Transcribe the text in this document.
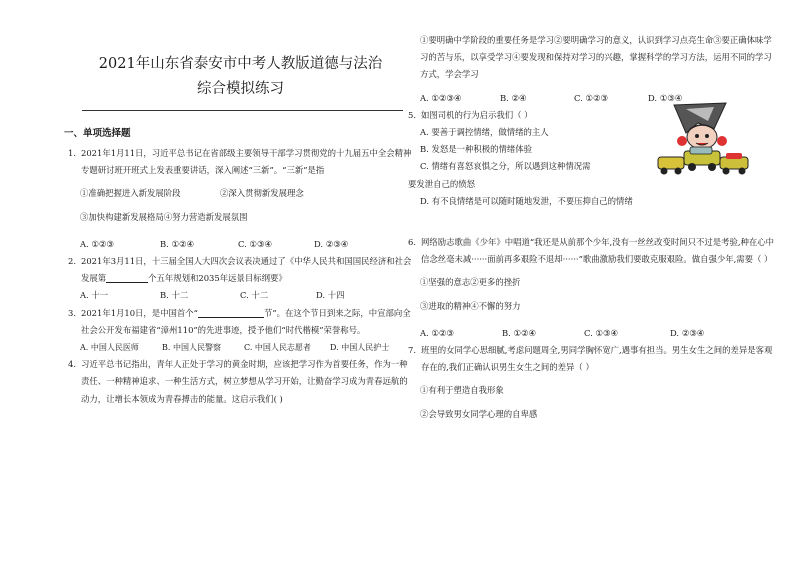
2021年山东省泰安市中考人教版道德与法治

综合模拟练习

一、单项选择题
1. 2021年1月11日，习近平总书记在省部级主要领导干部学习贯彻党的十九届五中全会精神专题研讨班开班式上发表重要讲话，深入阐述“三新”。“三新”是指
①准确把握进入新发展阶段	②深入贯彻新发展理念

③加快构建新发展格局④努力营造新发展氛围

A. ①②③	B. ①②④	C. ①③④	D. ②③④
2. 2021年3月11日，十三届全国人大四次会议表决通过了《中华人民共和国国民经济和社会发展第	个五年规划和2035年远景目标纲要》
A. 十一	B. 十二	C. 十二	D. 十四
3. 2021年1月10日，是中国首个“	节”。在这个节日到来之际，中宣部向全社会公开发布福建省“漳州110”的先进事迹，授予他们“时代楷模”荣誉称号。
A. 中国人民医师	B. 中国人民警察	C. 中国人民志愿者	D. 中国人民护士
4. 习近平总书记指出，青年人正处于学习的黄金时期，应该把学习作为首要任务，作为一种责任、一种精神追求、一种生活方式，树立梦想从学习开始，让勤奋学习成为青春远航的动力，让增长本领成为青春搏击的能量。这启示我们( )

①要明确中学阶段的重要任务是学习②要明确学习的意义，认识到学习点亮生命③要正确体味学习的苦与乐，以享受学习④要发现和保持对学习的兴趣，掌握科学的学习方法，运用不同的学习方式，学会学习

A. ①②③④	B. ②④	C. ①②③	D. ①③④
5. 如图司机的行为启示我们（ ）

A. 要善于调控情绪，做情绪的主人

B. 发怒是一种积极的情绪体验

C. 情绪有喜怒哀惧之分，所以遇到这种情况需

要发泄自己的愤怒

D. 有不良情绪是可以随时随地发泄，不要压抑自己的情绪

6. 网络励志歌曲《少年》中唱道“我还是从前那个少年,没有一丝丝改变时间只不过是考验,种在心中信念丝毫未减······面前再多艰险不退却······”歌曲激励我们要敢克服艰险。做自强少年,需要（ ）

①坚强的意志②更多的挫折

③进取的精神④不懈的努力

A. ①②③	B. ①②④	C. ①③④	D. ②③④
7. 班里的女同学心思细腻,考虑问题周全,男同学胸怀宽广,遇事有担当。男生女生之间的差异是客观存在的,我们正确认识男生女生之间的差异（ ）

①有利于塑造自我形象

②会导致男女同学心理的自卑感
